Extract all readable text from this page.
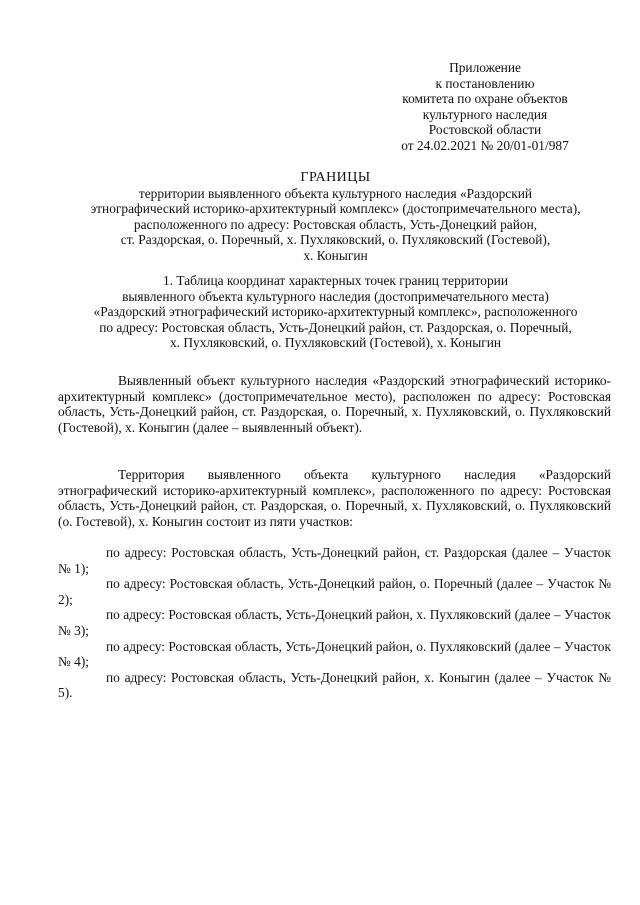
Приложение
к постановлению
комитета по охране объектов
культурного наследия
Ростовской области
от 24.02.2021 № 20/01-01/987
ГРАНИЦЫ
территории выявленного объекта культурного наследия «Раздорский
этнографический историко-архитектурный комплекс» (достопримечательного места),
расположенного по адресу: Ростовская область, Усть-Донецкий район,
ст. Раздорская, о. Поречный, х. Пухляковский, о. Пухляковский (Гостевой),
х. Коныгин
1. Таблица координат характерных точек границ территории
выявленного объекта культурного наследия (достопримечательного места)
«Раздорский этнографический историко-архитектурный комплекс», расположенного
по адресу: Ростовская область, Усть-Донецкий район, ст. Раздорская, о. Поречный,
х. Пухляковский, о. Пухляковский (Гостевой), х. Коныгин

Выявленный объект культурного наследия «Раздорский этнографический историко-архитектурный комплекс» (достопримечательное место), расположен по адресу: Ростовская область, Усть-Донецкий район, ст. Раздорская, о. Поречный, х. Пухляковский, о. Пухляковский (Гостевой), х. Коныгин (далее – выявленный объект).

Территория выявленного объекта культурного наследия «Раздорский этнографический историко-архитектурный комплекс», расположенного по адресу: Ростовская область, Усть-Донецкий район, ст. Раздорская, о. Поречный, х. Пухляковский, о. Пухляковский (о. Гостевой), х. Коныгин состоит из пяти участков:

по адресу: Ростовская область, Усть-Донецкий район, ст. Раздорская (далее – Участок № 1);
по адресу: Ростовская область, Усть-Донецкий район, о. Поречный (далее – Участок № 2);
по адресу: Ростовская область, Усть-Донецкий район, х. Пухляковский (далее – Участок № 3);
по адресу: Ростовская область, Усть-Донецкий район, о. Пухляковский (далее – Участок № 4);
по адресу: Ростовская область, Усть-Донецкий район, х. Коныгин (далее – Участок № 5).
